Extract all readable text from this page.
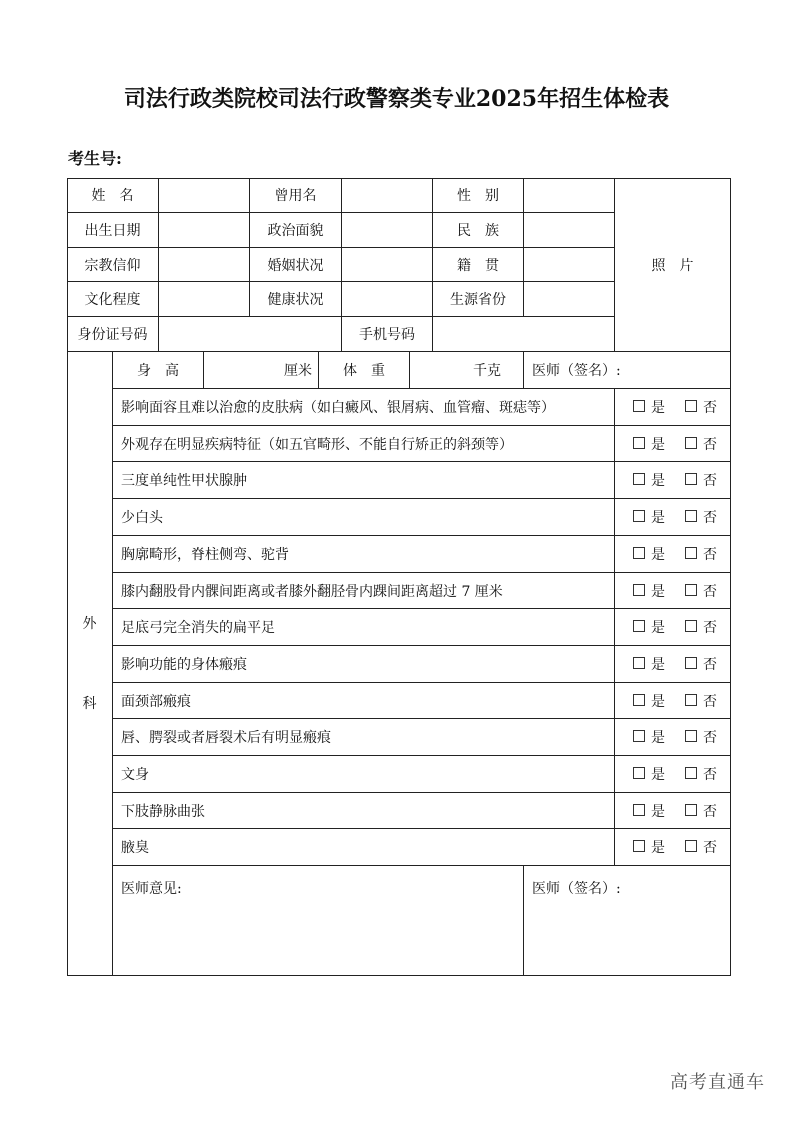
司法行政类院校司法行政警察类专业2025年招生体检表
考生号:
姓　名	曾用名	性　别
出生日期	政治面貌	民　族
宗教信仰	婚姻状况	籍　贯
文化程度	健康状况	生源省份
身份证号码	手机号码
照　片
外
科
身　高	厘米	体　重	千克	医师（签名）:
影响面容且难以治愈的皮肤病（如白癜风、银屑病、血管瘤、斑痣等）	是	否
外观存在明显疾病特征（如五官畸形、不能自行矫正的斜颈等）	是	否
三度单纯性甲状腺肿	是	否
少白头	是	否
胸廓畸形，脊柱侧弯、驼背	是	否
膝内翻股骨内髁间距离或者膝外翻胫骨内踝间距离超过 7 厘米	是	否
足底弓完全消失的扁平足	是	否
影响功能的身体瘢痕	是	否
面颈部瘢痕	是	否
唇、腭裂或者唇裂术后有明显瘢痕	是	否
文身	是	否
下肢静脉曲张	是	否
腋臭	是	否
医师意见:	医师（签名）:
高考直通车
